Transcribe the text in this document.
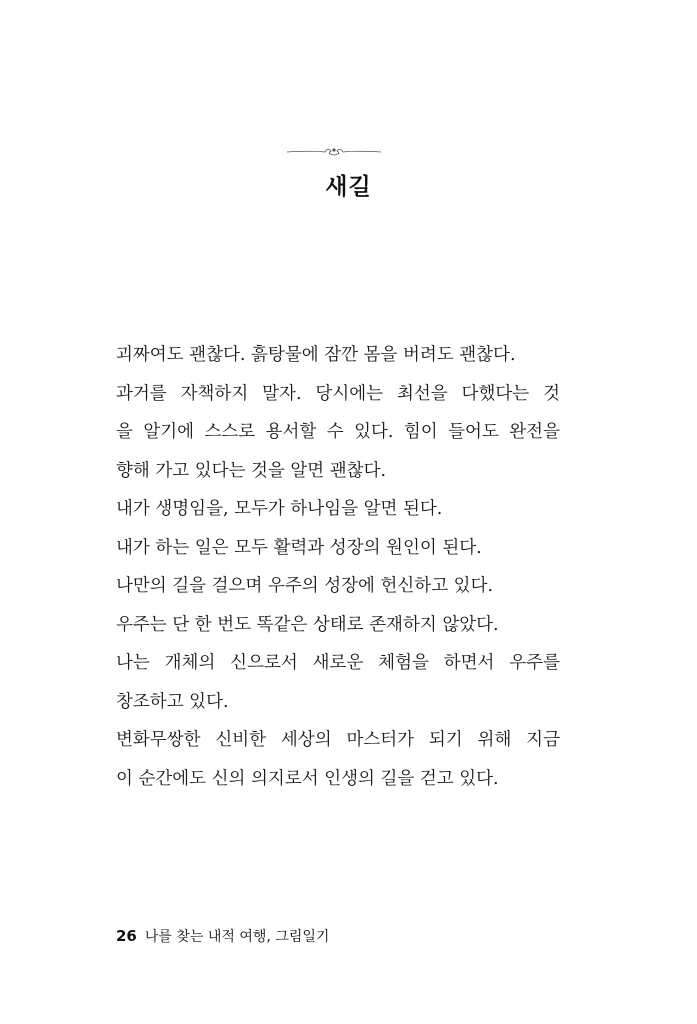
새길
괴짜여도 괜찮다. 흙탕물에 잠깐 몸을 버려도 괜찮다.
과거를 자책하지 말자. 당시에는 최선을 다했다는 것
을 알기에 스스로 용서할 수 있다. 힘이 들어도 완전을
향해 가고 있다는 것을 알면 괜찮다.
내가 생명임을, 모두가 하나임을 알면 된다.
내가 하는 일은 모두 활력과 성장의 원인이 된다.
나만의 길을 걸으며 우주의 성장에 헌신하고 있다.
우주는 단 한 번도 똑같은 상태로 존재하지 않았다.
나는 개체의 신으로서 새로운 체험을 하면서 우주를
창조하고 있다.
변화무쌍한 신비한 세상의 마스터가 되기 위해 지금
이 순간에도 신의 의지로서 인생의 길을 걷고 있다.
26 나를 찾는 내적 여행, 그림일기
